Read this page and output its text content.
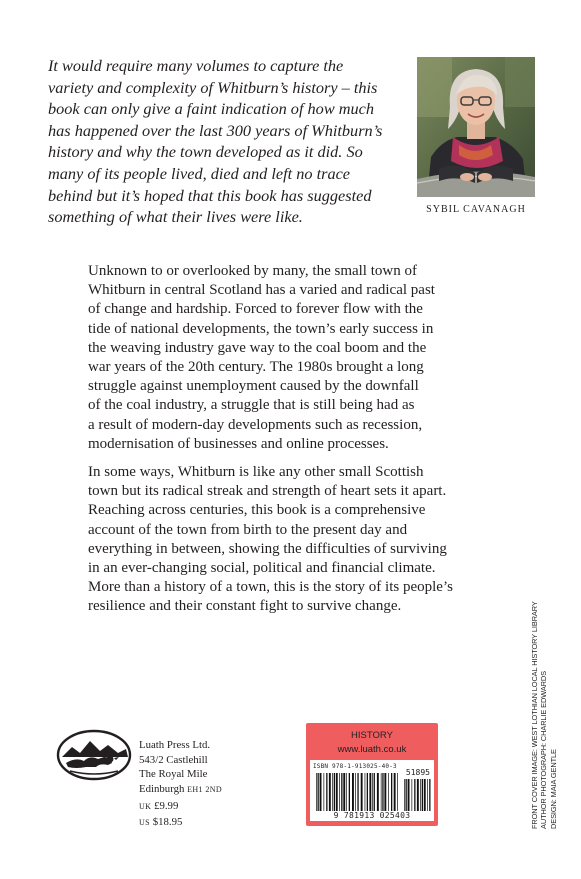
It would require many volumes to capture the
variety and complexity of Whitburn’s history – this
book can only give a faint indication of how much
has happened over the last 300 years of Whitburn’s
history and why the town developed as it did. So
many of its people lived, died and left no trace
behind but it’s hoped that this book has suggested
something of what their lives were like.	SYBIL CAVANAGH
Unknown to or overlooked by many, the small town of
Whitburn in central Scotland has a varied and radical past
of change and hardship. Forced to forever flow with the
tide of national developments, the town’s early success in
the weaving industry gave way to the coal boom and the
war years of the 20th century. The 1980s brought a long
struggle against unemployment caused by the downfall
of the coal industry, a struggle that is still being had as
a result of modern-day developments such as recession,
modernisation of businesses and online processes.
In some ways, Whitburn is like any other small Scottish
town but its radical streak and strength of heart sets it apart.
Reaching across centuries, this book is a comprehensive
account of the town from birth to the present day and
everything in between, showing the difficulties of surviving
in an ever-changing social, political and financial climate.
More than a history of a town, this is the story of its people’s
resilience and their constant fight to survive change.
Luath Press Ltd.
543/2 Castlehill
The Royal Mile
Edinburgh EH1 2ND
UK £9.99
US $18.95
HISTORY
www.luath.co.uk
ISBN 978-1-913025-40-3
51895
9 781913 025403	FRONT COVER IMAGE: WEST LOTHIAN LOCAL HISTORY LIBRARY AUTHOR PHOTOGRAPH: CHARLIE EDWARDS DESIGN: MAIA GENTLE
